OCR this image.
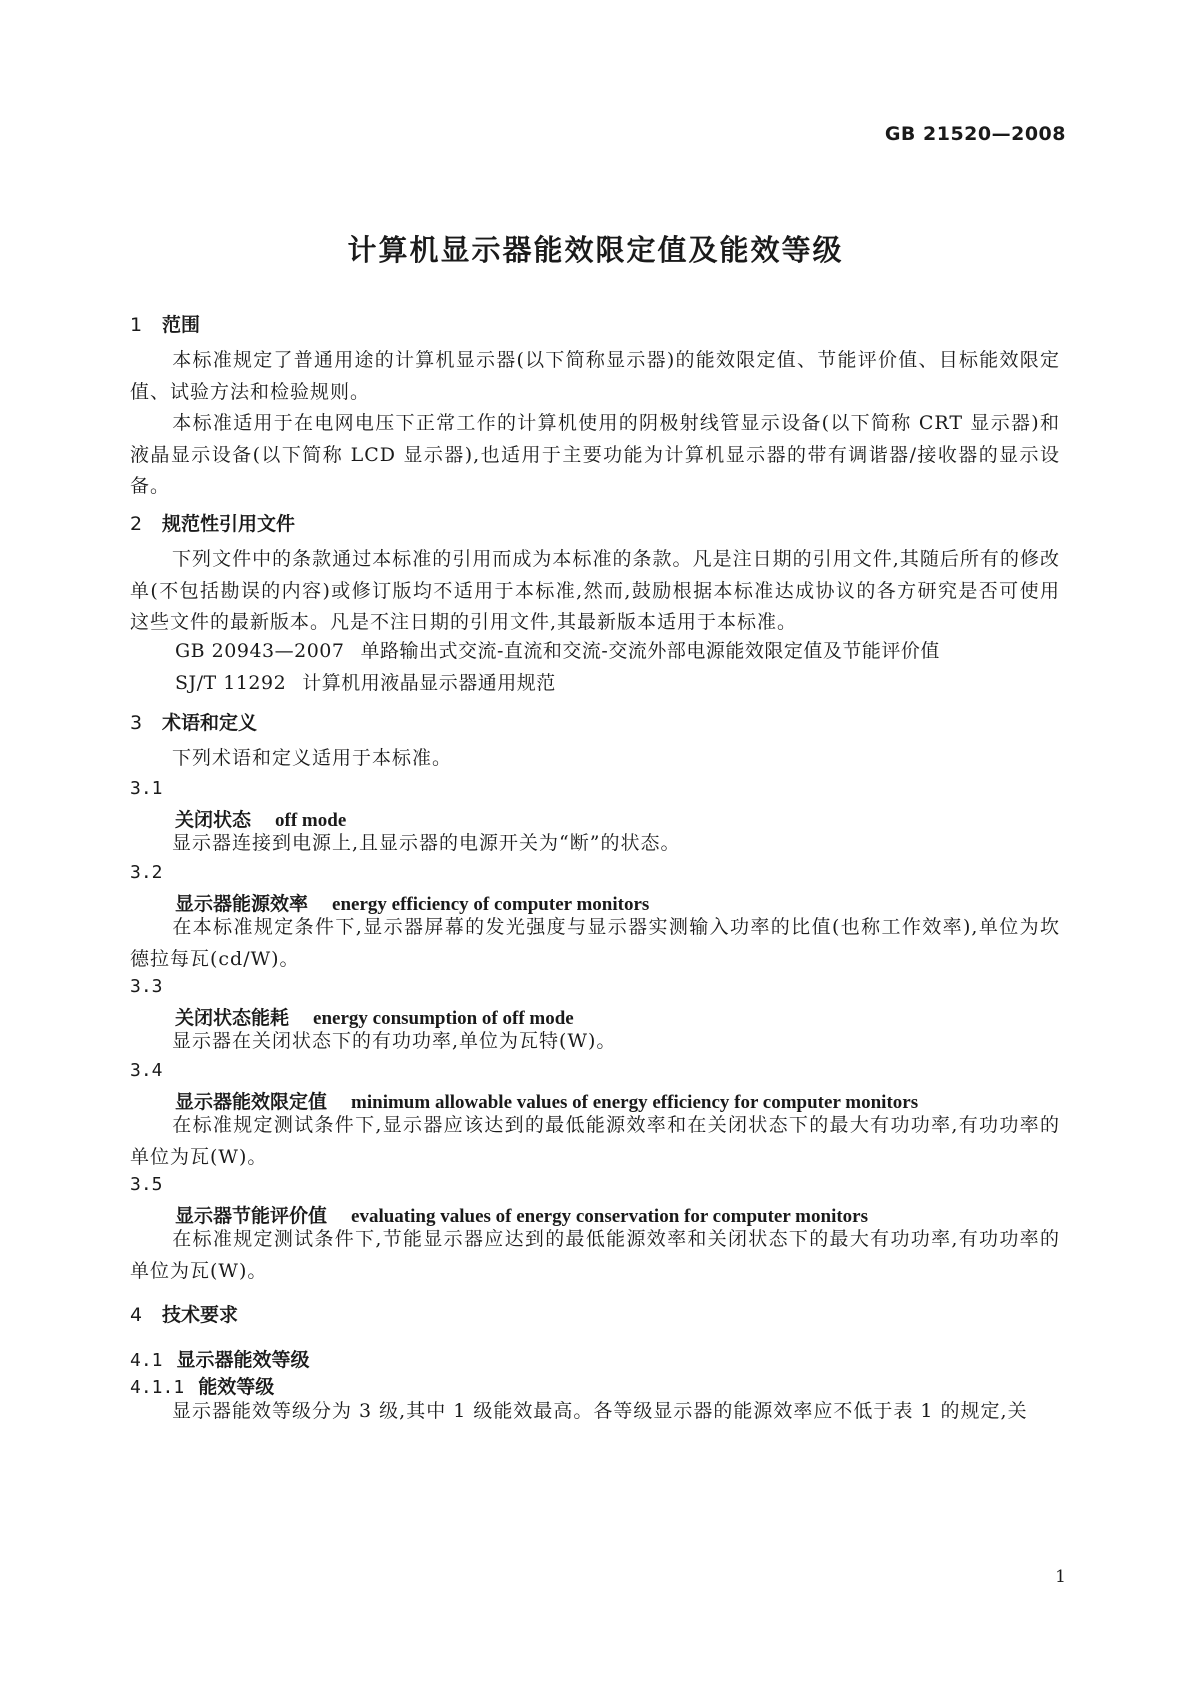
GB 21520—2008
计算机显示器能效限定值及能效等级
1 范围
本标准规定了普通用途的计算机显示器(以下简称显示器)的能效限定值、节能评价值、目标能效限定值、试验方法和检验规则。
本标准适用于在电网电压下正常工作的计算机使用的阴极射线管显示设备(以下简称 CRT 显示器)和液晶显示设备(以下简称 LCD 显示器),也适用于主要功能为计算机显示器的带有调谐器/接收器的显示设备。
2 规范性引用文件
下列文件中的条款通过本标准的引用而成为本标准的条款。凡是注日期的引用文件,其随后所有的修改单(不包括勘误的内容)或修订版均不适用于本标准,然而,鼓励根据本标准达成协议的各方研究是否可使用这些文件的最新版本。凡是不注日期的引用文件,其最新版本适用于本标准。
GB 20943—2007 单路输出式交流-直流和交流-交流外部电源能效限定值及节能评价值
SJ/T 11292 计算机用液晶显示器通用规范
3 术语和定义
下列术语和定义适用于本标准。
3.1
关闭状态 off mode
显示器连接到电源上,且显示器的电源开关为“断”的状态。
3.2
显示器能源效率 energy efficiency of computer monitors
在本标准规定条件下,显示器屏幕的发光强度与显示器实测输入功率的比值(也称工作效率),单位为坎德拉每瓦(cd/W)。
3.3
关闭状态能耗 energy consumption of off mode
显示器在关闭状态下的有功功率,单位为瓦特(W)。
3.4
显示器能效限定值 minimum allowable values of energy efficiency for computer monitors
在标准规定测试条件下,显示器应该达到的最低能源效率和在关闭状态下的最大有功功率,有功功率的单位为瓦(W)。
3.5
显示器节能评价值 evaluating values of energy conservation for computer monitors
在标准规定测试条件下,节能显示器应达到的最低能源效率和关闭状态下的最大有功功率,有功功率的单位为瓦(W)。
4 技术要求
4.1 显示器能效等级
4.1.1 能效等级
显示器能效等级分为 3 级,其中 1 级能效最高。各等级显示器的能源效率应不低于表 1 的规定,关
1
